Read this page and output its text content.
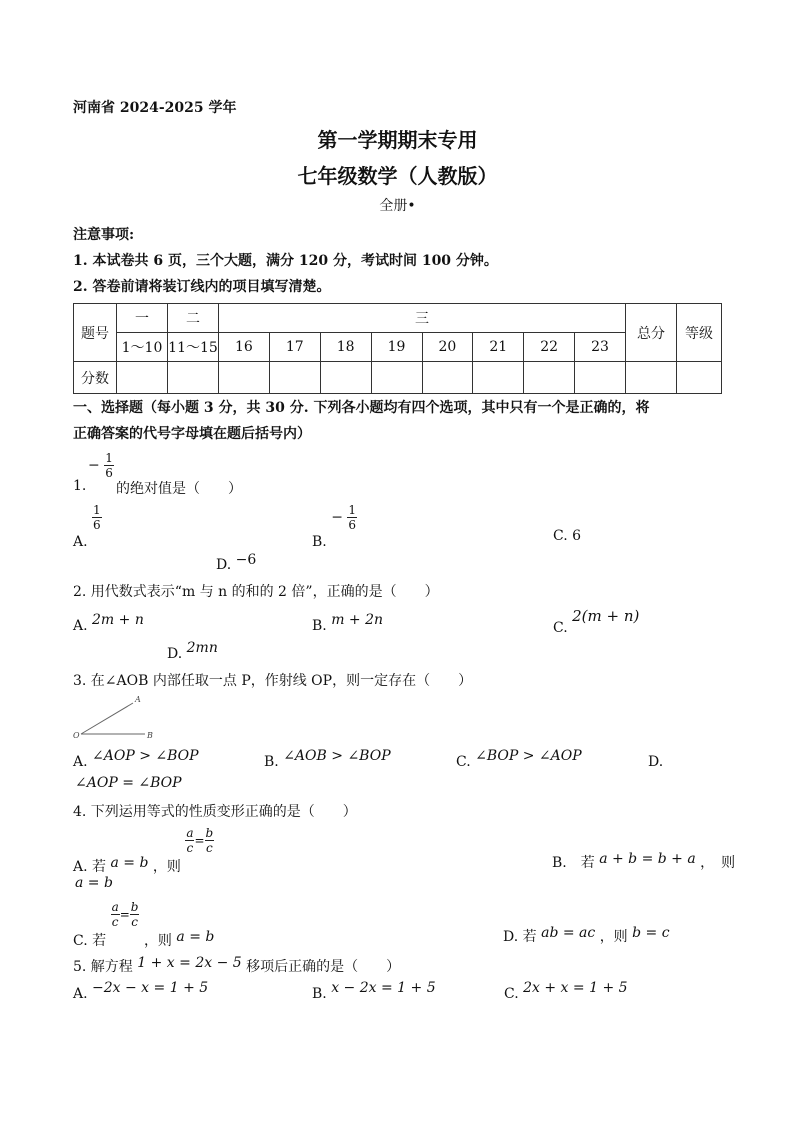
河南省 2024-2025 学年
第一学期期末专用
七年级数学（人教版）
全册•
注意事项:
1. 本试卷共 6 页，三个大题，满分 120 分，考试时间 100 分钟。
2. 答卷前请将装订线内的项目填写清楚。
题号	一	二	三								总分	等级
	1～10	11～15	16	17	18	19	20	21	22	23		
分数												
一、选择题（每小题 3 分，共 30 分. 下列各小题均有四个选项，其中只有一个是正确的，将
正确答案的代号字母填在题后括号内）
− $\frac{1}{6}$
1. 的绝对值是（　　）
A.
$\frac{1}{6}$
B. − $\frac{1}{6}$
C. 6
D. −6
2. 用代数式表示“m 与 n 的和的 2 倍”，正确的是（　　）
A. 2m + n	B. m + 2n	C. 2(m + n)
D. 2mn
3. 在∠AOB 内部任取一点 P，作射线 OP，则一定存在（　　）
A
O	B
A. ∠AOP > ∠BOP	B. ∠AOB > ∠BOP	C. ∠BOP > ∠AOP	D.
∠AOP = ∠BOP
4. 下列运用等式的性质变形正确的是（　　）
A. 若 a = b ，则
$\frac{a}{c} = \frac{b}{c}$
B.　若 a + b = b + a ，　则
a = b
C. 若
$\frac{a}{c} = \frac{b}{c}$
，则 a = b	D. 若 ab = ac ，则 b = c
5. 解方程 1 + x = 2x − 5 移项后正确的是（　　）
A. −2x − x = 1 + 5	B. x − 2x = 1 + 5	C. 2x + x = 1 + 5
